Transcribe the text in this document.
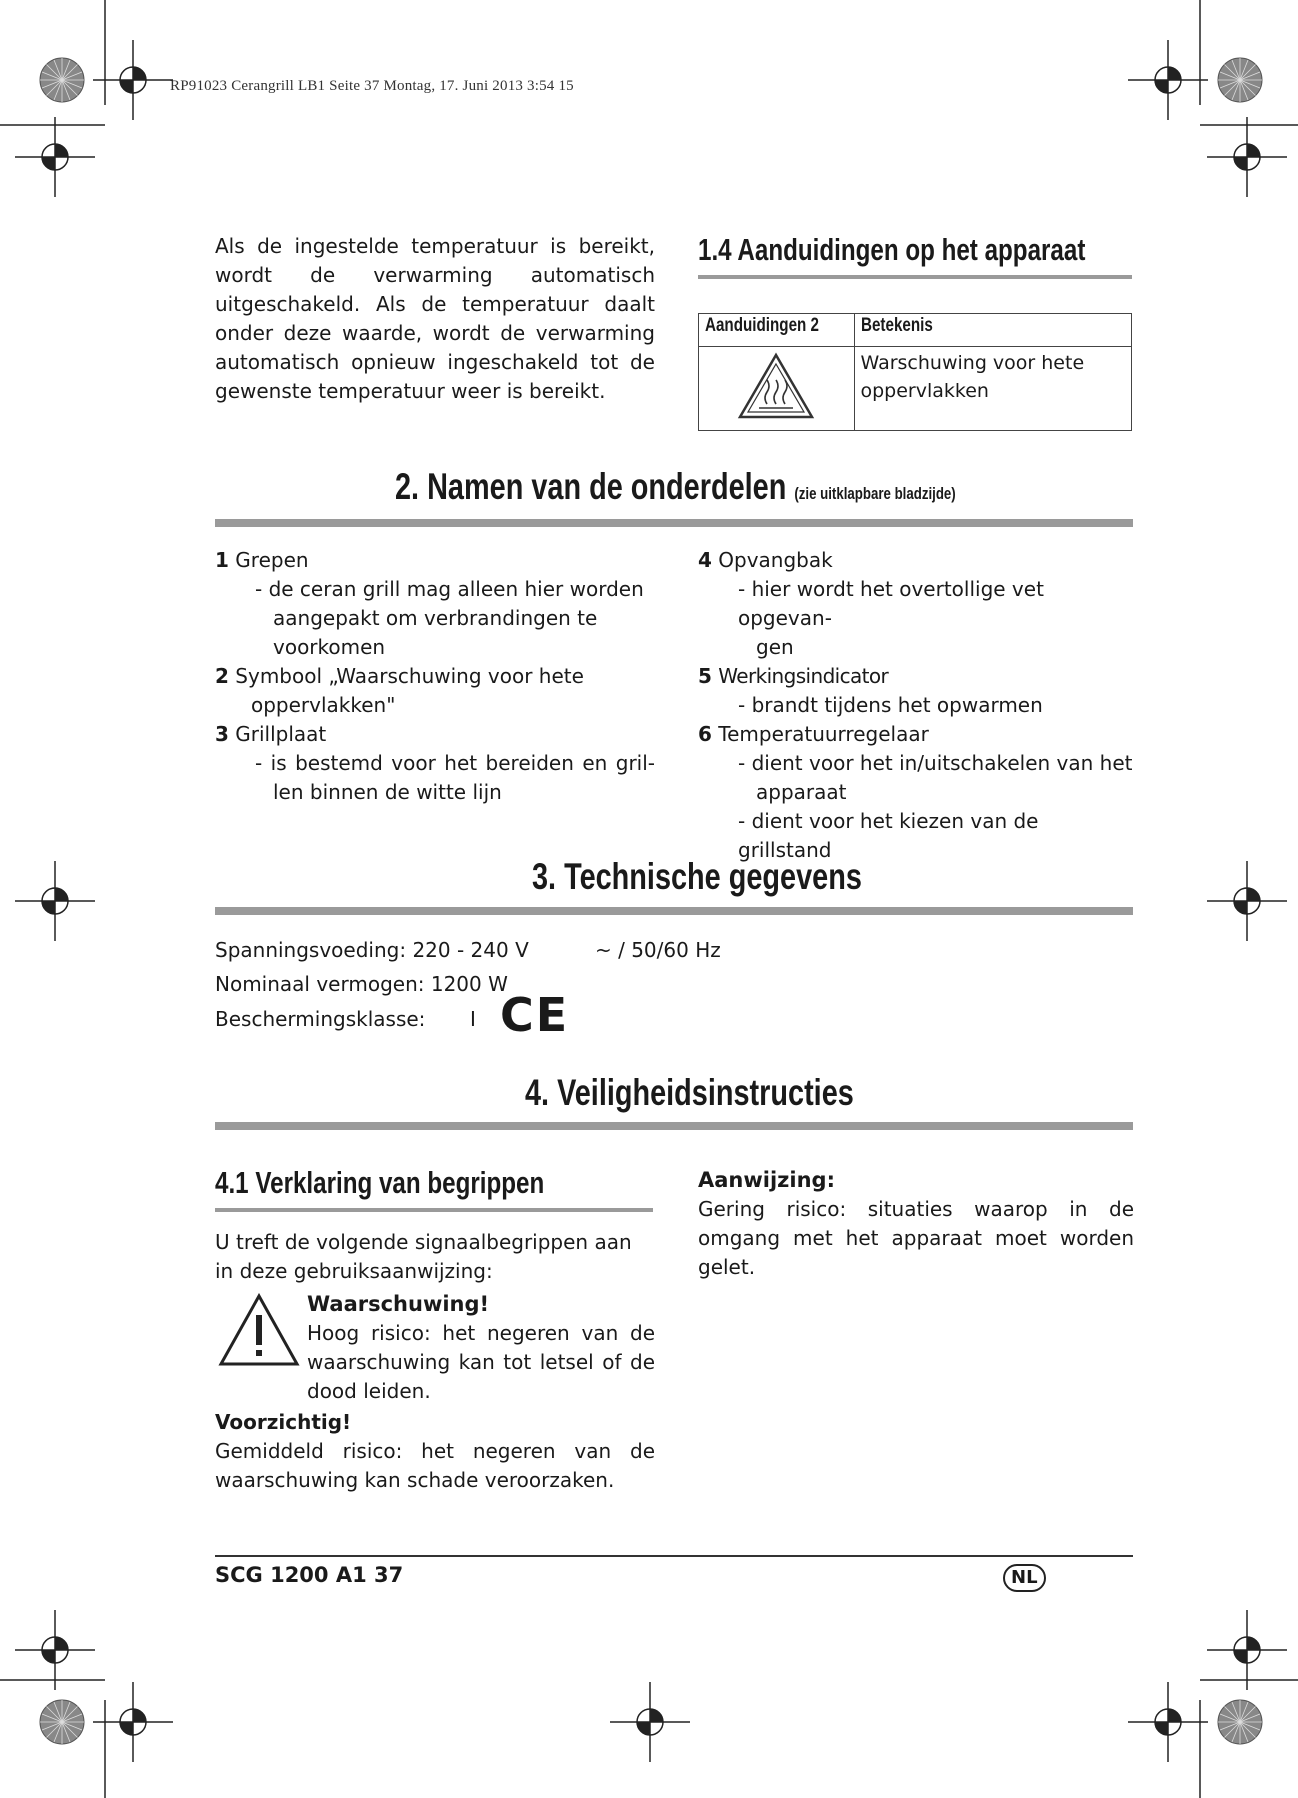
RP91023 Cerangrill LB1 Seite 37 Montag, 17. Juni 2013 3:54 15
Als de ingestelde temperatuur is bereikt, wordt de verwarming automatisch uitgeschakeld. Als de temperatuur daalt onder deze waarde, wordt de verwarming automatisch opnieuw ingeschakeld tot de gewenste temperatuur weer is bereikt.
1.4 Aanduidingen op het apparaat
Aanduidingen 2	Betekenis

Warschuwing voor hete
oppervlakken
2. Namen van de onderdelen (zie uitklapbare bladzijde)
1 Grepen
- de ceran grill mag alleen hier worden
aangepakt om verbrandingen te
voorkomen
2 Symbool „Waarschuwing voor hete
oppervlakken"
3 Grillplaat
- is bestemd voor het bereiden en gril-
len binnen de witte lijn
4 Opvangbak
- hier wordt het overtollige vet opgevan-
gen
5 Werkingsindicator
- brandt tijdens het opwarmen
6 Temperatuurregelaar
- dient voor het in/uitschakelen van het
apparaat
- dient voor het kiezen van de grillstand
3. Technische gegevens
Spanningsvoeding: 220 - 240 V	~ / 50/60 Hz
Nominaal vermogen: 1200 W
Beschermingsklasse: I CE
4. Veiligheidsinstructies
4.1 Verklaring van begrippen
U treft de volgende signaalbegrippen aan in deze gebruiksaanwijzing:
Waarschuwing!
Hoog risico: het negeren van de waarschuwing kan tot letsel of de dood leiden.
Voorzichtig!
Gemiddeld risico: het negeren van de waarschuwing kan schade veroorzaken.
Aanwijzing:
Gering risico: situaties waarop in de omgang met het apparaat moet worden gelet.
SCG 1200 A1 37	NL
